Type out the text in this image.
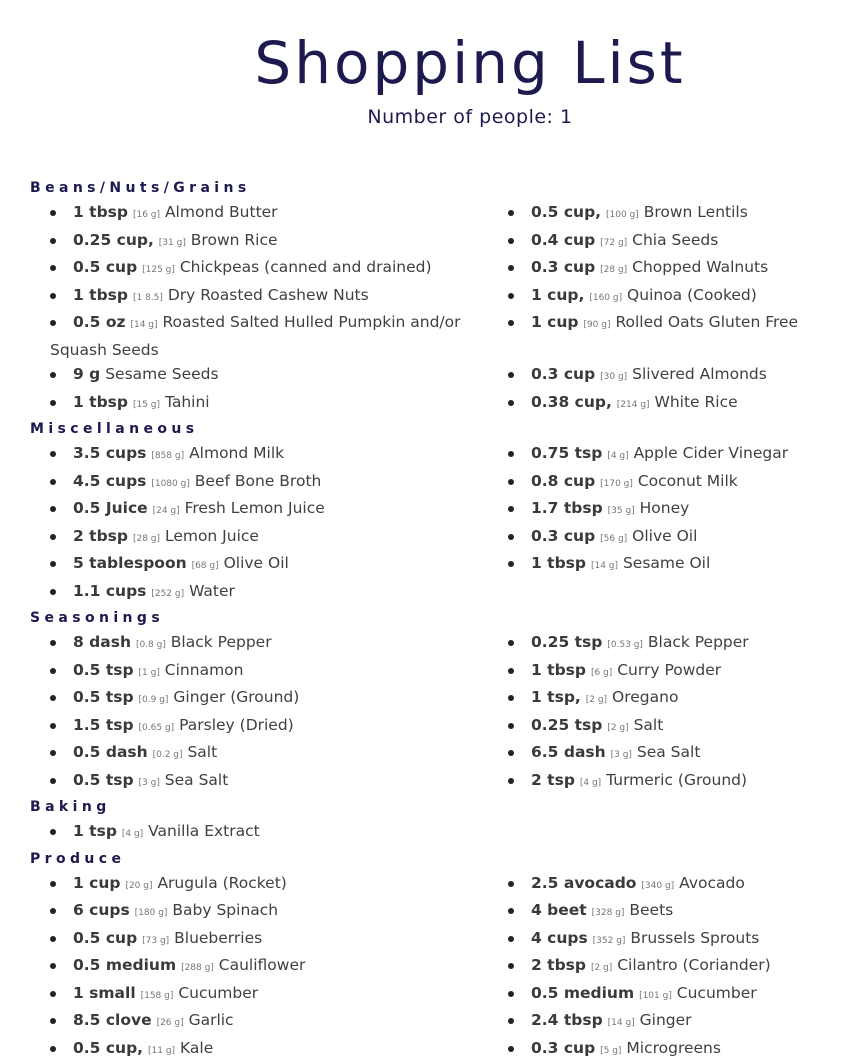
Shopping List
Number of people: 1
Beans/Nuts/Grains
1 tbsp [16 g] Almond Butter
0.25 cup, [31 g] Brown Rice
0.5 cup [125 g] Chickpeas (canned and drained)
1 tbsp [1 8.5] Dry Roasted Cashew Nuts
0.5 oz [14 g] Roasted Salted Hulled Pumpkin and/or Squash Seeds
9 g Sesame Seeds
1 tbsp [15 g] Tahini
0.5 cup, [100 g] Brown Lentils
0.4 cup [72 g] Chia Seeds
0.3 cup [28 g] Chopped Walnuts
1 cup, [160 g] Quinoa (Cooked)
1 cup [90 g] Rolled Oats Gluten Free
0.3 cup [30 g] Slivered Almonds
0.38 cup, [214 g] White Rice
Miscellaneous
3.5 cups [858 g] Almond Milk
4.5 cups [1080 g] Beef Bone Broth
0.5 Juice [24 g] Fresh Lemon Juice
2 tbsp [28 g] Lemon Juice
5 tablespoon [68 g] Olive Oil
1.1 cups [252 g] Water
0.75 tsp [4 g] Apple Cider Vinegar
0.8 cup [170 g] Coconut Milk
1.7 tbsp [35 g] Honey
0.3 cup [56 g] Olive Oil
1 tbsp [14 g] Sesame Oil
Seasonings
8 dash [0.8 g] Black Pepper
0.5 tsp [1 g] Cinnamon
0.5 tsp [0.9 g] Ginger (Ground)
1.5 tsp [0.65 g] Parsley (Dried)
0.5 dash [0.2 g] Salt
0.5 tsp [3 g] Sea Salt
0.25 tsp [0.53 g] Black Pepper
1 tbsp [6 g] Curry Powder
1 tsp, [2 g] Oregano
0.25 tsp [2 g] Salt
6.5 dash [3 g] Sea Salt
2 tsp [4 g] Turmeric (Ground)
Baking
1 tsp [4 g] Vanilla Extract
Produce
1 cup [20 g] Arugula (Rocket)
6 cups [180 g] Baby Spinach
0.5 cup [73 g] Blueberries
0.5 medium [288 g] Cauliflower
1 small [158 g] Cucumber
8.5 clove [26 g] Garlic
0.5 cup, [11 g] Kale
2.5 avocado [340 g] Avocado
4 beet [328 g] Beets
4 cups [352 g] Brussels Sprouts
2 tbsp [2 g] Cilantro (Coriander)
0.5 medium [101 g] Cucumber
2.4 tbsp [14 g] Ginger
0.3 cup [5 g] Microgreens
